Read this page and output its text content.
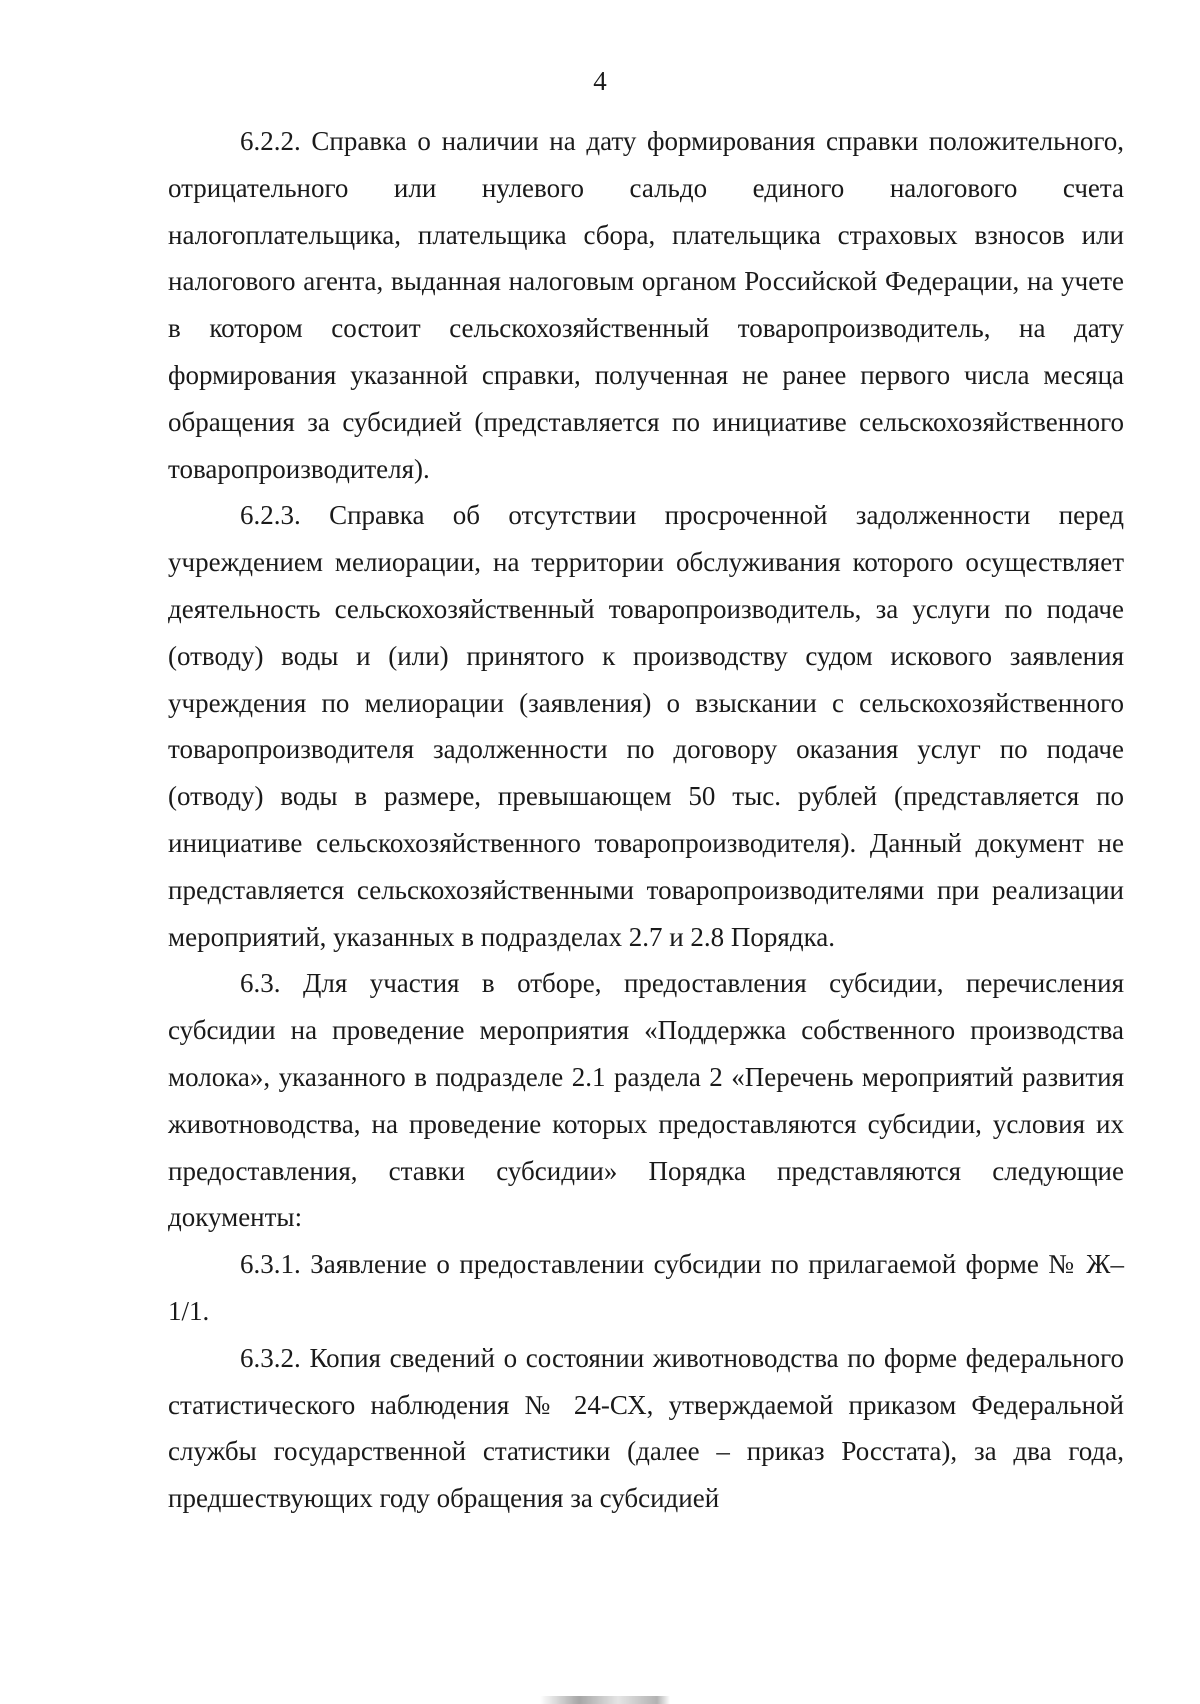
4

6.2.2. Справка о наличии на дату формирования справки положительного, отрицательного или нулевого сальдо единого налогового счета налогоплательщика, плательщика сбора, плательщика страховых взносов или налогового агента, выданная налоговым органом Российской Федерации, на учете в котором состоит сельскохозяйственный товаропроизводитель, на дату формирования указанной справки, полученная не ранее первого числа месяца обращения за субсидией (представляется по инициативе сельскохозяйственного товаропроизводителя).

6.2.3. Справка об отсутствии просроченной задолженности перед учреждением мелиорации, на территории обслуживания которого осуществляет деятельность сельскохозяйственный товаропроизводитель, за услуги по подаче (отводу) воды и (или) принятого к производству судом искового заявления учреждения по мелиорации (заявления) о взыскании с сельскохозяйственного товаропроизводителя задолженности по договору оказания услуг по подаче (отводу) воды в размере, превышающем 50 тыс. рублей (представляется по инициативе сельскохозяйственного товаропроизводителя). Данный документ не представляется сельскохозяйственными товаропроизводителями при реализации мероприятий, указанных в подразделах 2.7 и 2.8 Порядка.

6.3. Для участия в отборе, предоставления субсидии, перечисления субсидии на проведение мероприятия «Поддержка собственного производства молока», указанного в подразделе 2.1 раздела 2 «Перечень мероприятий развития животноводства, на проведение которых предоставляются субсидии, условия их предоставления, ставки субсидии» Порядка представляются следующие документы:

6.3.1. Заявление о предоставлении субсидии по прилагаемой форме № Ж–1/1.

6.3.2. Копия сведений о состоянии животноводства по форме федерального статистического наблюдения № 24-СХ, утверждаемой приказом Федеральной службы государственной статистики (далее – приказ Росстата), за два года, предшествующих году обращения за субсидией
